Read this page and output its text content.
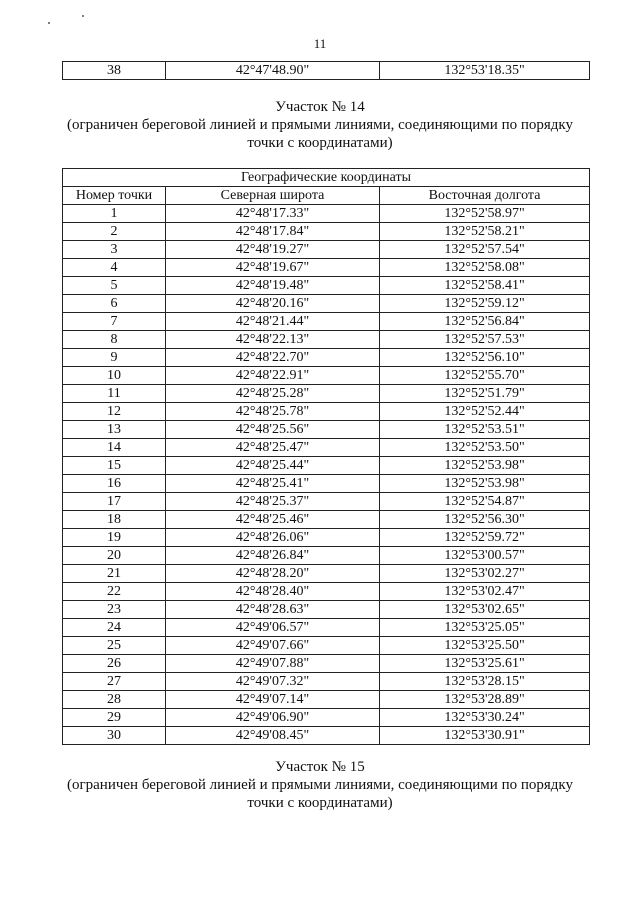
11
38	42°47'48.90"	132°53'18.35"
Участок № 14
(ограничен береговой линией и прямыми линиями, соединяющими по порядку
точки с координатами)
Географические координаты		
Номер точки	Северная широта	Восточная долгота
1	42°48'17.33"	132°52'58.97"
2	42°48'17.84"	132°52'58.21"
3	42°48'19.27"	132°52'57.54"
4	42°48'19.67"	132°52'58.08"
5	42°48'19.48"	132°52'58.41"
6	42°48'20.16"	132°52'59.12"
7	42°48'21.44"	132°52'56.84"
8	42°48'22.13"	132°52'57.53"
9	42°48'22.70"	132°52'56.10"
10	42°48'22.91"	132°52'55.70"
11	42°48'25.28"	132°52'51.79"
12	42°48'25.78"	132°52'52.44"
13	42°48'25.56"	132°52'53.51"
14	42°48'25.47"	132°52'53.50"
15	42°48'25.44"	132°52'53.98"
16	42°48'25.41"	132°52'53.98"
17	42°48'25.37"	132°52'54.87"
18	42°48'25.46"	132°52'56.30"
19	42°48'26.06"	132°52'59.72"
20	42°48'26.84"	132°53'00.57"
21	42°48'28.20"	132°53'02.27"
22	42°48'28.40"	132°53'02.47"
23	42°48'28.63"	132°53'02.65"
24	42°49'06.57"	132°53'25.05"
25	42°49'07.66"	132°53'25.50"
26	42°49'07.88"	132°53'25.61"
27	42°49'07.32"	132°53'28.15"
28	42°49'07.14"	132°53'28.89"
29	42°49'06.90"	132°53'30.24"
30	42°49'08.45"	132°53'30.91"
Участок № 15
(ограничен береговой линией и прямыми линиями, соединяющими по порядку
точки с координатами)
